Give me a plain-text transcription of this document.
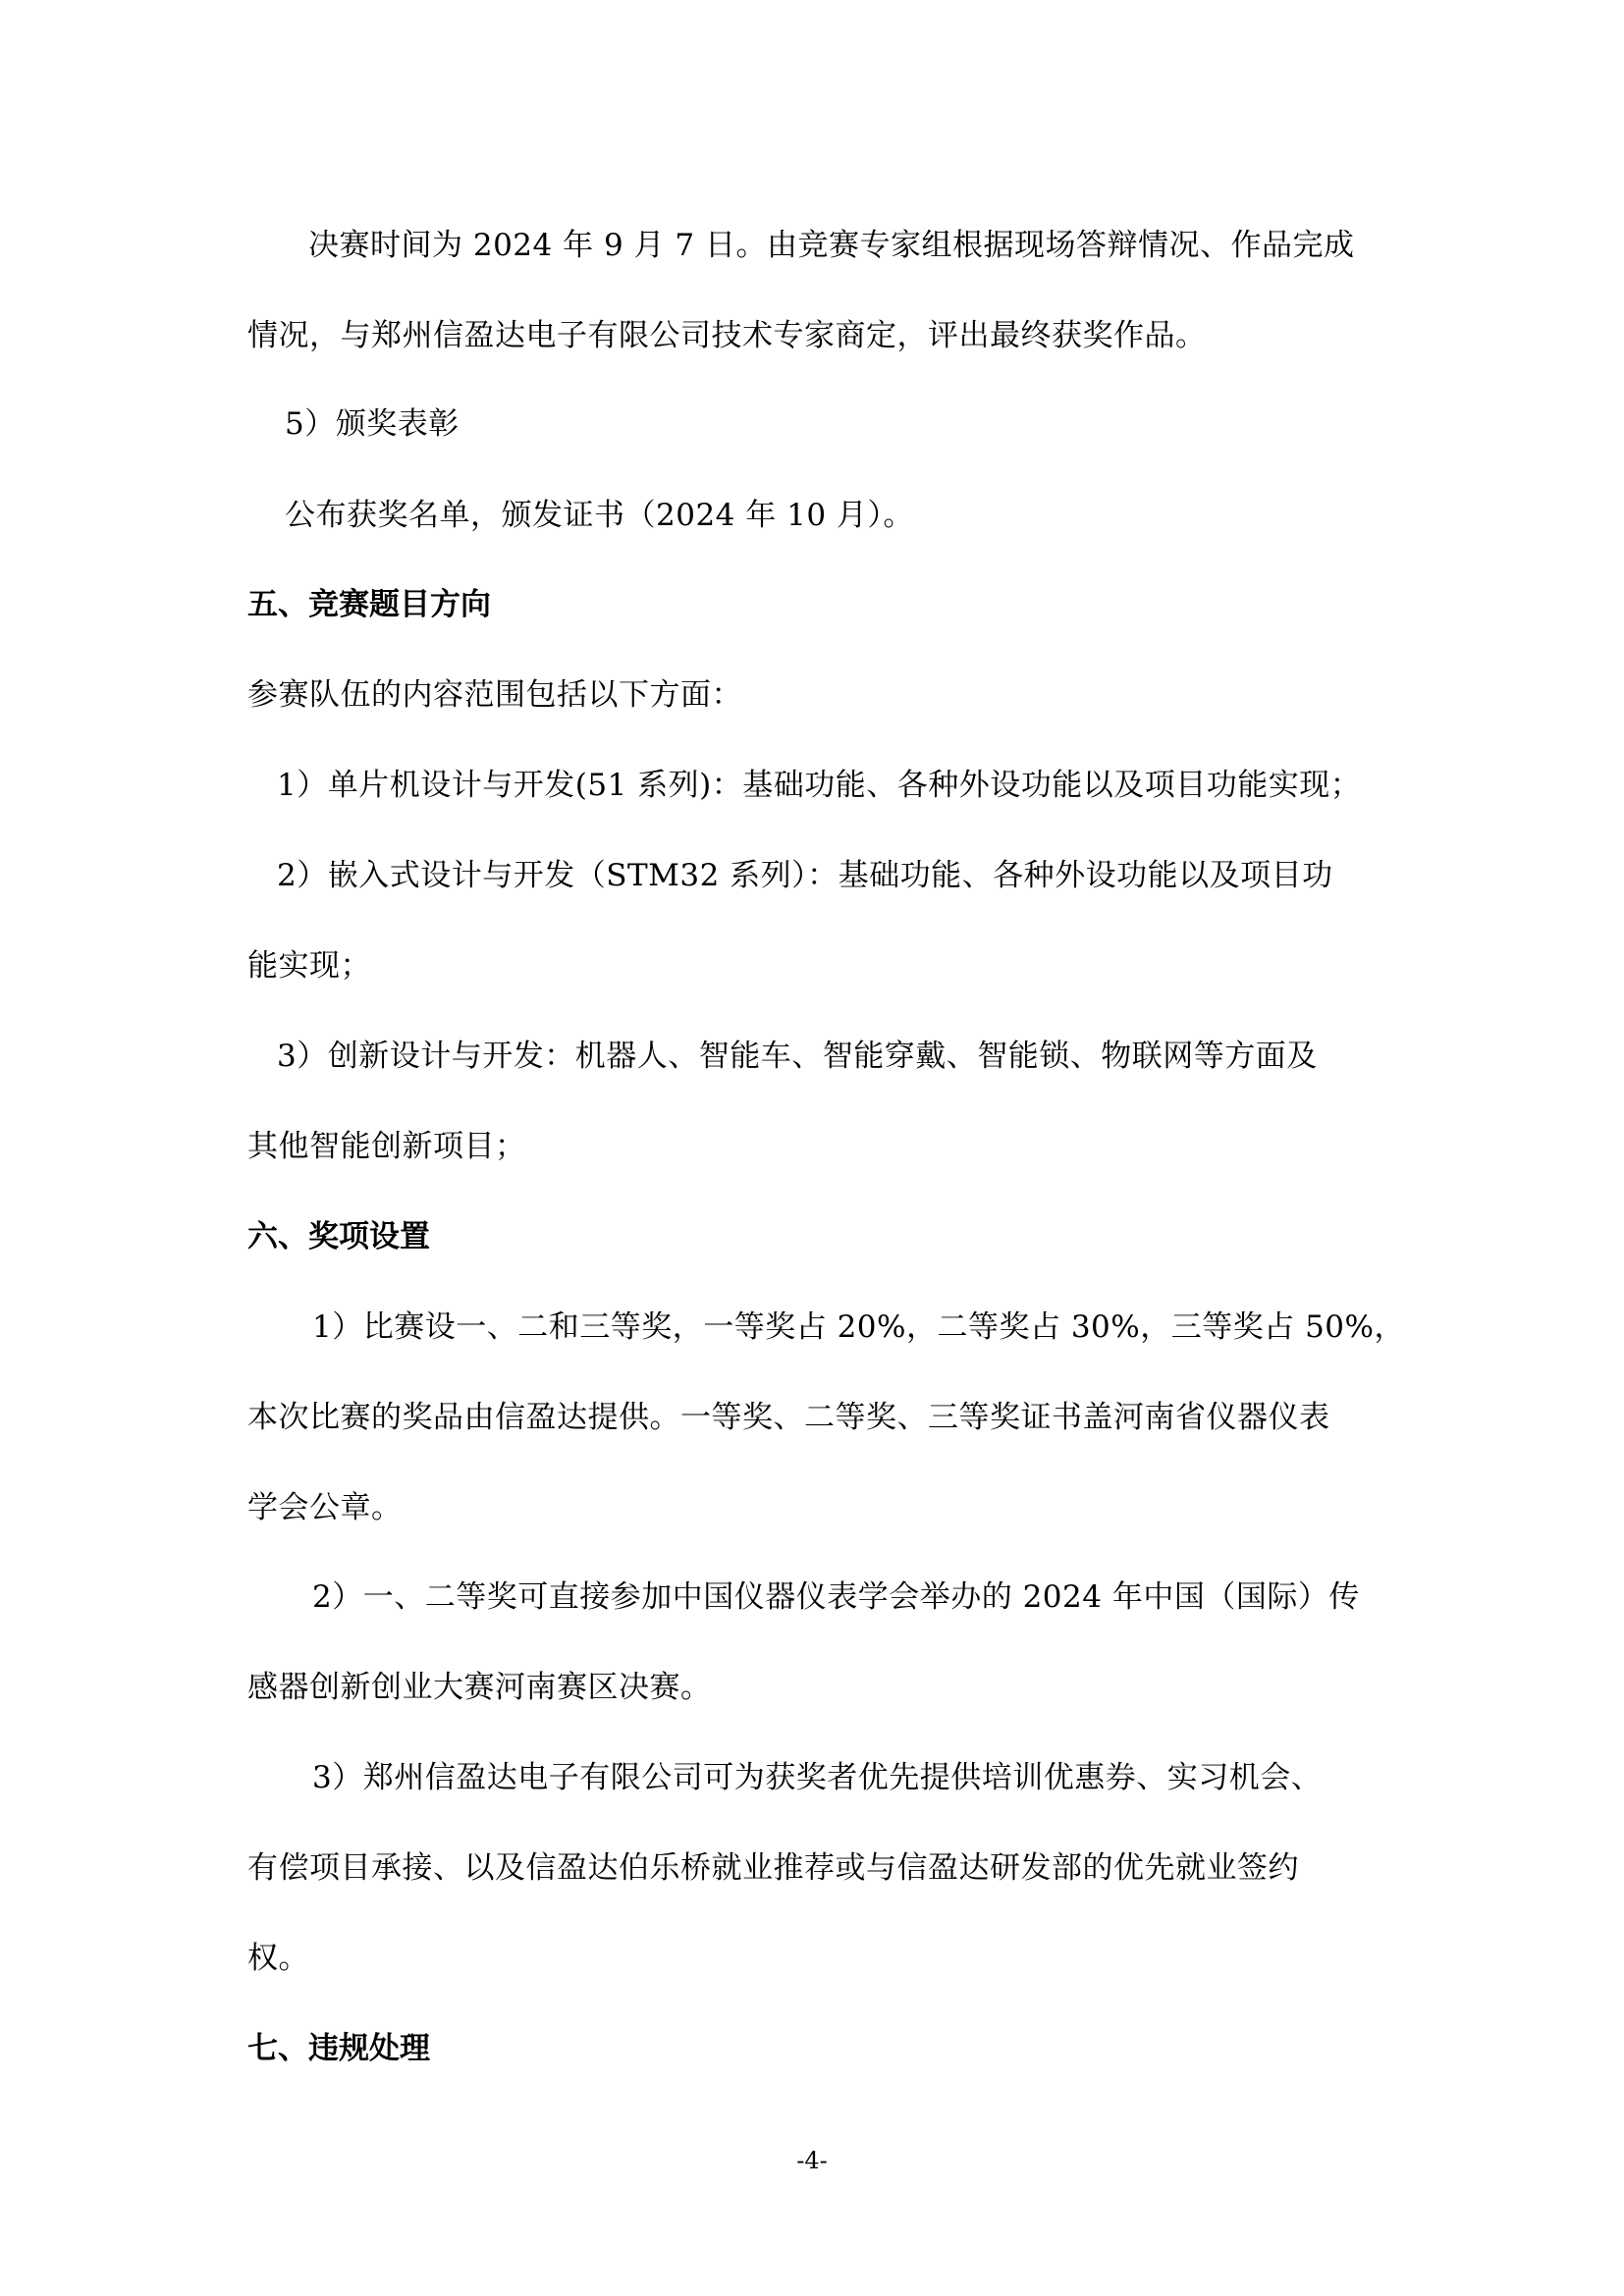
决赛时间为 2024 年 9 月 7 日。由竞赛专家组根据现场答辩情况、作品完成
情况，与郑州信盈达电子有限公司技术专家商定，评出最终获奖作品。
5）颁奖表彰
公布获奖名单，颁发证书（2024 年 10 月）。
五、竞赛题目方向
参赛队伍的内容范围包括以下方面：
1）单片机设计与开发(51 系列)：基础功能、各种外设功能以及项目功能实现；
2）嵌入式设计与开发（STM32 系列）：基础功能、各种外设功能以及项目功
能实现；
3）创新设计与开发：机器人、智能车、智能穿戴、智能锁、物联网等方面及
其他智能创新项目；
六、奖项设置
1）比赛设一、二和三等奖，一等奖占 20%，二等奖占 30%，三等奖占 50%，
本次比赛的奖品由信盈达提供。一等奖、二等奖、三等奖证书盖河南省仪器仪表
学会公章。
2）一、二等奖可直接参加中国仪器仪表学会举办的 2024 年中国（国际）传
感器创新创业大赛河南赛区决赛。
3）郑州信盈达电子有限公司可为获奖者优先提供培训优惠券、实习机会、
有偿项目承接、以及信盈达伯乐桥就业推荐或与信盈达研发部的优先就业签约
权。
七、违规处理
-4-
